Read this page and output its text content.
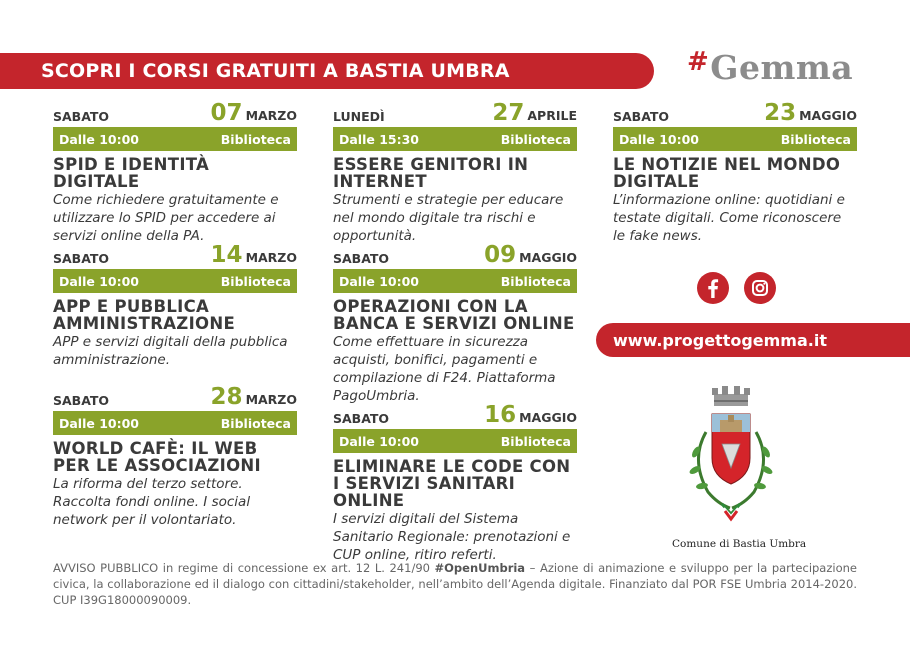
SCOPRI I CORSI GRATUITI A BASTIA UMBRA	#Gemma
SABATO	07 MARZO
Dalle 10:00	Biblioteca
SPID E IDENTITÀ DIGITALE

Come richiedere gratuitamente e utilizzare lo SPID per accedere ai servizi online della PA.

SABATO	14 MARZO
Dalle 10:00	Biblioteca
APP E PUBBLICA AMMINISTRAZIONE

APP e servizi digitali della pubblica amministrazione.

SABATO	28 MARZO
Dalle 10:00	Biblioteca
WORLD CAFÈ: IL WEB PER LE ASSOCIAZIONI

La riforma del terzo settore. Raccolta fondi online. I social network per il volontariato.

LUNEDÌ	27 APRILE
Dalle 15:30	Biblioteca
ESSERE GENITORI IN INTERNET

Strumenti e strategie per educare nel mondo digitale tra rischi e opportunità.

SABATO	09 MAGGIO
Dalle 10:00	Biblioteca
OPERAZIONI CON LA BANCA E SERVIZI ONLINE

Come effettuare in sicurezza acquisti, bonifici, pagamenti e compilazione di F24. Piattaforma PagoUmbria.

SABATO	16 MAGGIO
Dalle 10:00	Biblioteca
ELIMINARE LE CODE CON I SERVIZI SANITARI ONLINE

I servizi digitali del Sistema Sanitario Regionale: prenotazioni e CUP online, ritiro referti.

SABATO	23 MAGGIO
Dalle 10:00	Biblioteca
LE NOTIZIE NEL MONDO DIGITALE

L’informazione online: quotidiani e testate digitali. Come riconoscere le fake news.

www.progettogemma.it
Comune di Bastia Umbra
AVVISO PUBBLICO in regime di concessione ex art. 12 L. 241/90 #OpenUmbria – Azione di animazione e sviluppo per la partecipazione civica, la collaborazione ed il dialogo con cittadini/stakeholder, nell’ambito dell’Agenda digitale. Finanziato dal POR FSE Umbria 2014-2020. CUP I39G18000090009.
